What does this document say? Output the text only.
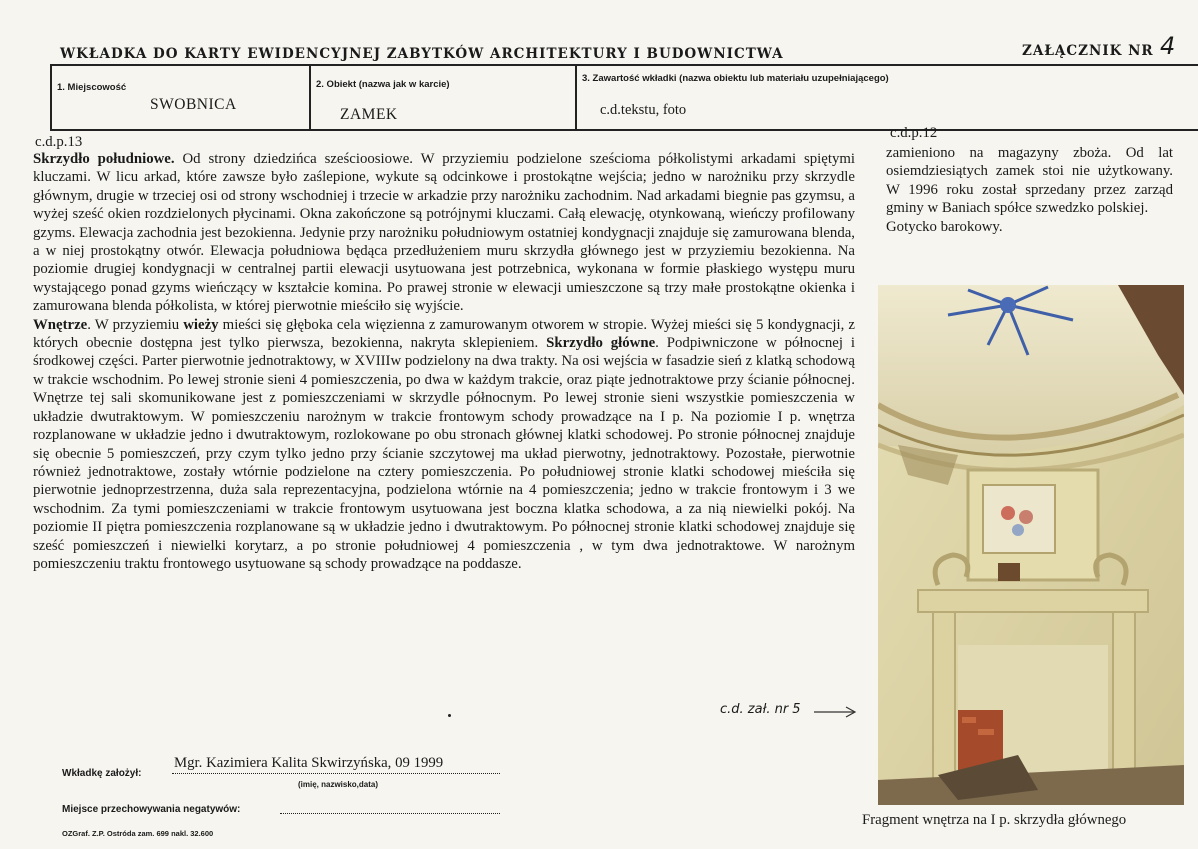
WKŁADKA DO KARTY EWIDENCYJNEJ ZABYTKÓW ARCHITEKTURY I BUDOWNICTWA	ZAŁĄCZNIK NR 4
1. Miejscowość
SWOBNICA
2. Obiekt (nazwa jak w karcie)
ZAMEK
3. Zawartość wkładki (nazwa obiektu lub materiału uzupełniającego)
c.d.tekstu, foto
c.d.p.13

Skrzydło południowe. Od strony dziedzińca sześcioosiowe. W przyziemiu podzielone sześcioma półkolistymi arkadami spiętymi kluczami. W licu arkad, które zawsze było zaślepione, wykute są odcinkowe i prostokątne wejścia; jedno w narożniku przy skrzydle głównym, drugie w trzeciej osi od strony wschodniej i trzecie w arkadzie przy narożniku zachodnim. Nad arkadami biegnie pas gzymsu, a wyżej sześć okien rozdzielonych płycinami. Okna zakończone są potrójnymi kluczami. Całą elewację, otynkowaną, wieńczy profilowany gzyms. Elewacja zachodnia jest bezokienna. Jedynie przy narożniku południowym ostatniej kondygnacji znajduje się zamurowana blenda, a w niej prostokątny otwór. Elewacja południowa będąca przedłużeniem muru skrzydła głównego jest w przyziemiu bezokienna. Na poziomie drugiej kondygnacji w centralnej partii elewacji usytuowana jest potrzebnica, wykonana w formie płaskiego występu muru wystającego ponad gzyms wieńczący w kształcie komina. Po prawej stronie w elewacji umieszczone są trzy małe prostokątne okienka i zamurowana blenda półkolista, w której pierwotnie mieściło się wyjście.

Wnętrze. W przyziemiu wieży mieści się głęboka cela więzienna z zamurowanym otworem w stropie. Wyżej mieści się 5 kondygnacji, z których obecnie dostępna jest tylko pierwsza, bezokienna, nakryta sklepieniem. Skrzydło główne. Podpiwniczone w północnej i środkowej części. Parter pierwotnie jednotraktowy, w XVIIIw podzielony na dwa trakty. Na osi wejścia w fasadzie sień z klatką schodową w trakcie wschodnim. Po lewej stronie sieni 4 pomieszczenia, po dwa w każdym trakcie, oraz piąte jednotraktowe przy ścianie północnej. Wnętrze tej sali skomunikowane jest z pomieszczeniami w skrzydle północnym. Po lewej stronie sieni wszystkie pomieszczenia w układzie dwutraktowym. W pomieszczeniu narożnym w trakcie frontowym schody prowadzące na I p. Na poziomie I p. wnętrza rozplanowane w układzie jedno i dwutraktowym, rozlokowane po obu stronach głównej klatki schodowej. Po stronie północnej znajduje się obecnie 5 pomieszczeń, przy czym tylko jedno przy ścianie szczytowej ma układ pierwotny, jednotraktowy. Pozostałe, pierwotnie również jednotraktowe, zostały wtórnie podzielone na cztery pomieszczenia. Po południowej stronie klatki schodowej mieściła się pierwotnie jednoprzestrzenna, duża sala reprezentacyjna, podzielona wtórnie na 4 pomieszczenia; jedno w trakcie frontowym i 3 we wschodnim. Za tymi pomieszczeniami w trakcie frontowym usytuowana jest boczna klatka schodowa, a za nią niewielki pokój. Na poziomie II piętra pomieszczenia rozplanowane są w układzie jedno i dwutraktowym. Po północnej stronie klatki schodowej znajduje się sześć pomieszczeń i niewielki korytarz, a po stronie południowej 4 pomieszczenia , w tym dwa jednotraktowe. W narożnym pomieszczeniu traktu frontowego usytuowane są schody prowadzące na poddasze.

c.d. zał. nr 5
c.d.p.12
zamieniono na magazyny zboża. Od lat osiemdziesiątych zamek stoi nie użytkowany. W 1996 roku został sprzedany przez zarząd gminy w Baniach spółce szwedzko polskiej.
Gotycko barokowy.
Fragment wnętrza na I p. skrzydła głównego
Wkładkę założył:
Mgr. Kazimiera Kalita Skwirzyńska, 09 1999
(imię, nazwisko,data)
Miejsce przechowywania negatywów:
OZGraf. Z.P. Ostróda zam. 699 nakl. 32.600
